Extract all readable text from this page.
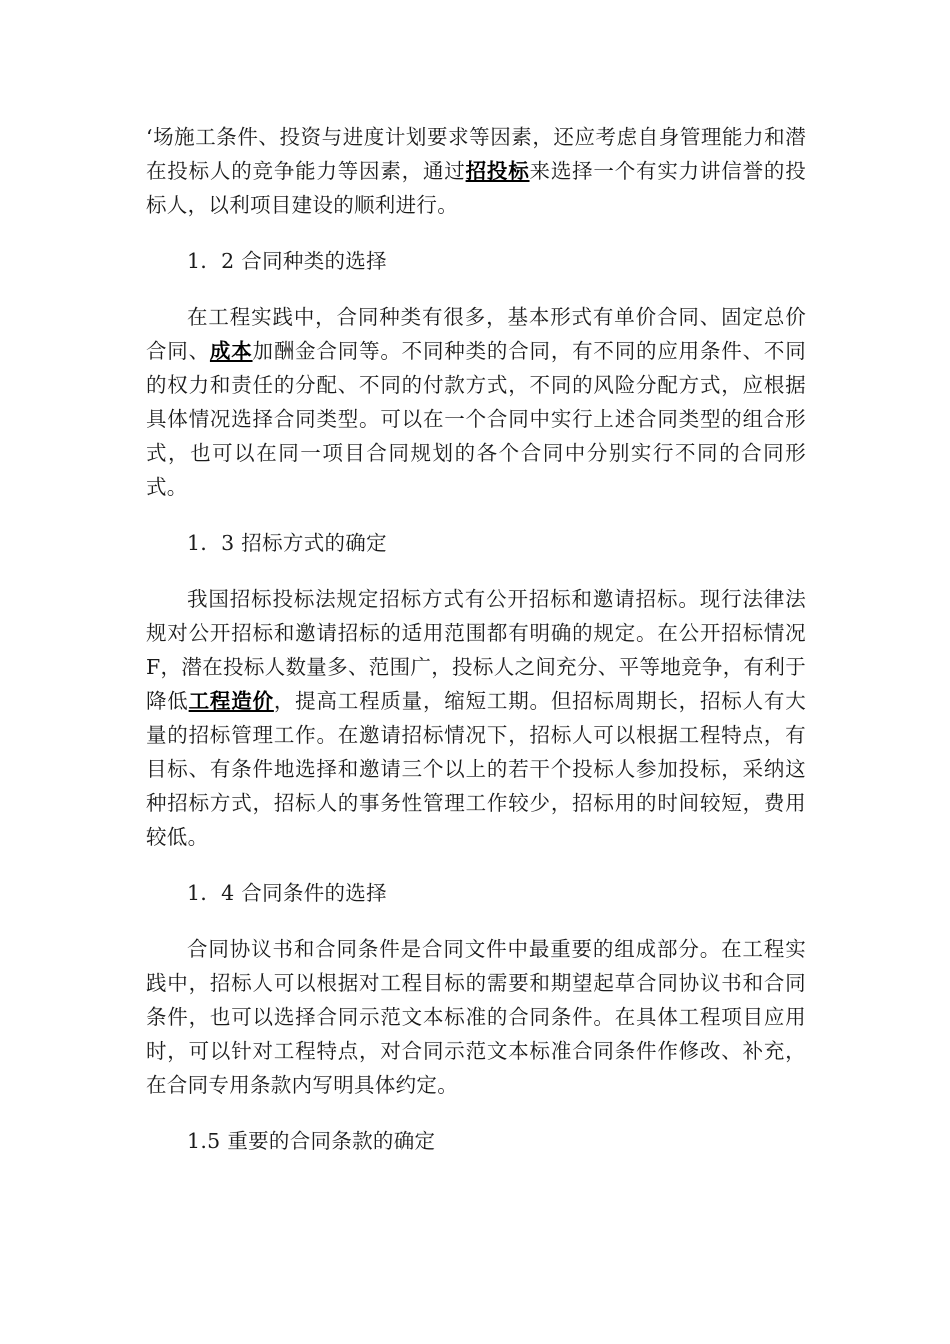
‘场施工条件、投资与进度计划要求等因素，还应考虑自身管理能力和潜在投标人的竞争能力等因素，通过招投标来选择一个有实力讲信誉的投标人，以利项目建设的顺利进行。

1．2 合同种类的选择

在工程实践中，合同种类有很多，基本形式有单价合同、固定总价合同、成本加酬金合同等。不同种类的合同，有不同的应用条件、不同的权力和责任的分配、不同的付款方式，不同的风险分配方式，应根据具体情况选择合同类型。可以在一个合同中实行上述合同类型的组合形式，也可以在同一项目合同规划的各个合同中分别实行不同的合同形式。

1．3 招标方式的确定

我国招标投标法规定招标方式有公开招标和邀请招标。现行法律法规对公开招标和邀请招标的适用范围都有明确的规定。在公开招标情况F，潜在投标人数量多、范围广，投标人之间充分、平等地竞争，有利于降低工程造价，提高工程质量，缩短工期。但招标周期长，招标人有大量的招标管理工作。在邀请招标情况下，招标人可以根据工程特点，有目标、有条件地选择和邀请三个以上的若干个投标人参加投标，采纳这种招标方式，招标人的事务性管理工作较少，招标用的时间较短，费用较低。

1．4 合同条件的选择

合同协议书和合同条件是合同文件中最重要的组成部分。在工程实践中，招标人可以根据对工程目标的需要和期望起草合同协议书和合同条件，也可以选择合同示范文本标准的合同条件。在具体工程项目应用时，可以针对工程特点，对合同示范文本标准合同条件作修改、补充，在合同专用条款内写明具体约定。

1.5 重要的合同条款的确定
